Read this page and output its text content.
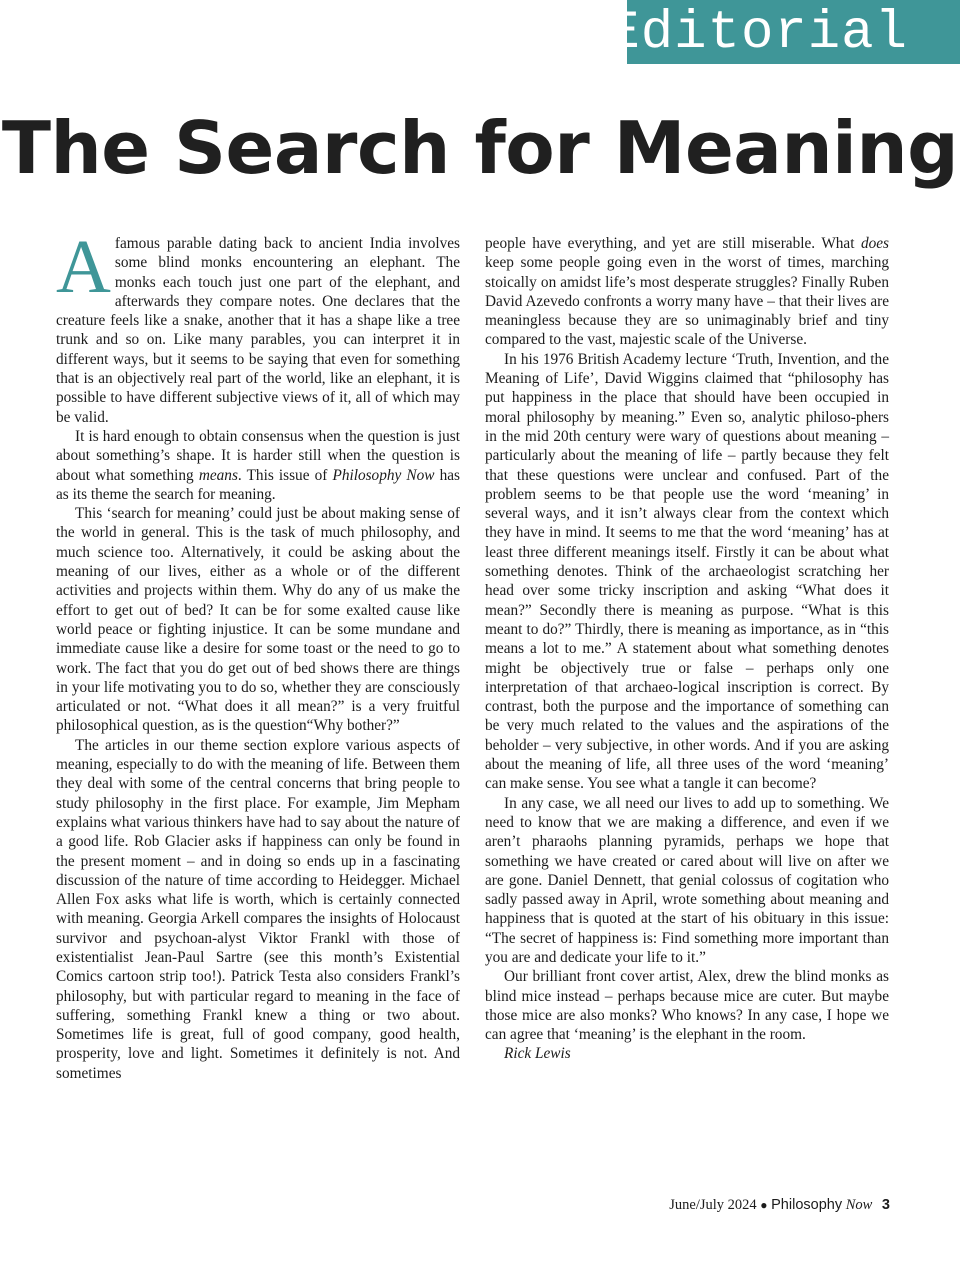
Editorial
The Search for Meaning

A famous parable dating back to ancient India involves some blind monks encountering an elephant. The monks each touch just one part of the elephant, and afterwards they compare notes. One declares that the creature feels like a snake, another that it has a shape like a tree trunk and so on. Like many parables, you can interpret it in different ways, but it seems to be saying that even for something that is an objectively real part of the world, like an elephant, it is possible to have different subjective views of it, all of which may be valid.

It is hard enough to obtain consensus when the question is just about something’s shape. It is harder still when the question is about what something means. This issue of Philosophy Now has as its theme the search for meaning.

This ‘search for meaning’ could just be about making sense of the world in general. This is the task of much philosophy, and much science too. Alternatively, it could be asking about the meaning of our lives, either as a whole or of the different activities and projects within them. Why do any of us make the effort to get out of bed? It can be for some exalted cause like world peace or fighting injustice. It can be some mundane and immediate cause like a desire for some toast or the need to go to work. The fact that you do get out of bed shows there are things in your life motivating you to do so, whether they are consciously articulated or not. “What does it all mean?” is a very fruitful philosophical question, as is the question“Why bother?”

The articles in our theme section explore various aspects of meaning, especially to do with the meaning of life. Between them they deal with some of the central concerns that bring people to study philosophy in the first place. For example, Jim Mepham explains what various thinkers have had to say about the nature of a good life. Rob Glacier asks if happiness can only be found in the present moment – and in doing so ends up in a fascinating discussion of the nature of time according to Heidegger. Michael Allen Fox asks what life is worth, which is certainly connected with meaning. Georgia Arkell compares the insights of Holocaust survivor and psychoan-alyst Viktor Frankl with those of existentialist Jean-Paul Sartre (see this month’s Existential Comics cartoon strip too!). Patrick Testa also considers Frankl’s philosophy, but with particular regard to meaning in the face of suffering, something Frankl knew a thing or two about. Sometimes life is great, full of good company, good health, prosperity, love and light. Sometimes it definitely is not. And sometimes

people have everything, and yet are still miserable. What does keep some people going even in the worst of times, marching stoically on amidst life’s most desperate struggles? Finally Ruben David Azevedo confronts a worry many have – that their lives are meaningless because they are so unimaginably brief and tiny compared to the vast, majestic scale of the Universe.

In his 1976 British Academy lecture ‘Truth, Invention, and the Meaning of Life’, David Wiggins claimed that “philosophy has put happiness in the place that should have been occupied in moral philosophy by meaning.” Even so, analytic philoso-phers in the mid 20th century were wary of questions about meaning – particularly about the meaning of life – partly because they felt that these questions were unclear and confused. Part of the problem seems to be that people use the word ‘meaning’ in several ways, and it isn’t always clear from the context which they have in mind. It seems to me that the word ‘meaning’ has at least three different meanings itself. Firstly it can be about what something denotes. Think of the archaeologist scratching her head over some tricky inscription and asking “What does it mean?” Secondly there is meaning as purpose. “What is this meant to do?” Thirdly, there is meaning as importance, as in “this means a lot to me.” A statement about what something denotes might be objectively true or false – perhaps only one interpretation of that archaeo-logical inscription is correct. By contrast, both the purpose and the importance of something can be very much related to the values and the aspirations of the beholder – very subjective, in other words. And if you are asking about the meaning of life, all three uses of the word ‘meaning’ can make sense. You see what a tangle it can become?

In any case, we all need our lives to add up to something. We need to know that we are making a difference, and even if we aren’t pharaohs planning pyramids, perhaps we hope that something we have created or cared about will live on after we are gone. Daniel Dennett, that genial colossus of cogitation who sadly passed away in April, wrote something about meaning and happiness that is quoted at the start of his obituary in this issue: “The secret of happiness is: Find something more important than you are and dedicate your life to it.”

Our brilliant front cover artist, Alex, drew the blind monks as blind mice instead – perhaps because mice are cuter. But maybe those mice are also monks? Who knows? In any case, I hope we can agree that ‘meaning’ is the elephant in the room.

Rick Lewis

June/July 2024 ● Philosophy Now 3
